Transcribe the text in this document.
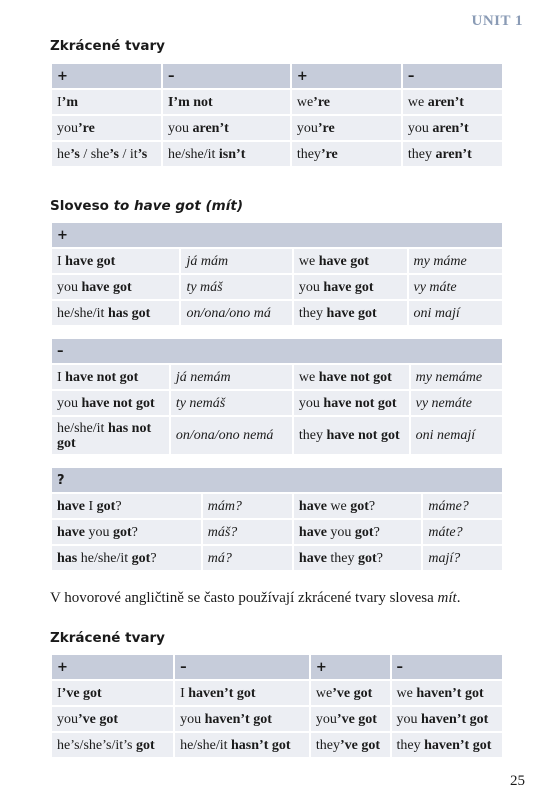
UNIT 1
Zkrácené tvary
+	–	+	–
I’m	I’m not	we’re	we aren’t
you’re	you aren’t	you’re	you aren’t
he’s / she’s / it’s	he/she/it isn’t	they’re	they aren’t
Sloveso to have got (mít)
+			
I have got	já mám	we have got	my máme
you have got	ty máš	you have got	vy máte
he/she/it has got	on/ona/ono má	they have got	oni mají
–			
I have not got	já nemám	we have not got	my nemáme
you have not got	ty nemáš	you have not got	vy nemáte
he/she/it has not got	on/ona/ono nemá	they have not got	oni nemají
?			
have I got?	mám?	have we got?	máme?
have you got?	máš?	have you got?	máte?
has he/she/it got?	má?	have they got?	mají?
V hovorové angličtině se často používají zkrácené tvary slovesa mít.
Zkrácené tvary
+	–	+	–
I’ve got	I haven’t got	we’ve got	we haven’t got
you’ve got	you haven’t got	you’ve got	you haven’t got
he’s/she’s/it’s got	he/she/it hasn’t got	they’ve got	they haven’t got
25
